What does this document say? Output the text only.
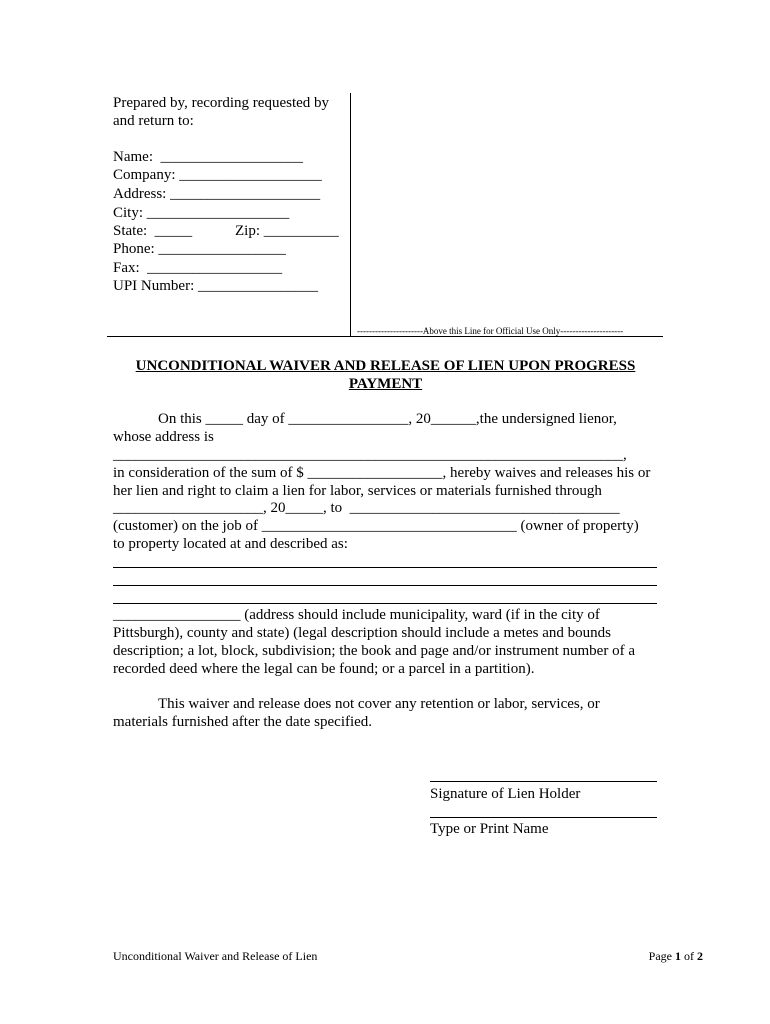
Prepared by, recording requested by
and return to:
Name:  ___________________
Company: ___________________
Address: ____________________
City: ___________________
State:  _____	Zip: __________
Phone: _________________
Fax:  __________________
UPI Number: ________________
----------------------Above this Line for Official Use Only---------------------
UNCONDITIONAL WAIVER AND RELEASE OF LIEN UPON PROGRESS
PAYMENT
On this _____ day of ________________, 20______,the undersigned lienor,
whose address is
____________________________________________________________________,
in consideration of the sum of $ __________________, hereby waives and releases his or
her lien and right to claim a lien for labor, services or materials furnished through
____________________, 20_____, to  ____________________________________
(customer) on the job of __________________________________ (owner of property)
to property located at and described as:
_________________ (address should include municipality, ward (if in the city of
Pittsburgh), county and state) (legal description should include a metes and bounds
description; a lot, block, subdivision; the book and page and/or instrument number of a
recorded deed where the legal can be found; or a parcel in a partition).
This waiver and release does not cover any retention or labor, services, or
materials furnished after the date specified.
Signature of Lien Holder
Type or Print Name
Unconditional Waiver and Release of Lien	Page 1 of 2
